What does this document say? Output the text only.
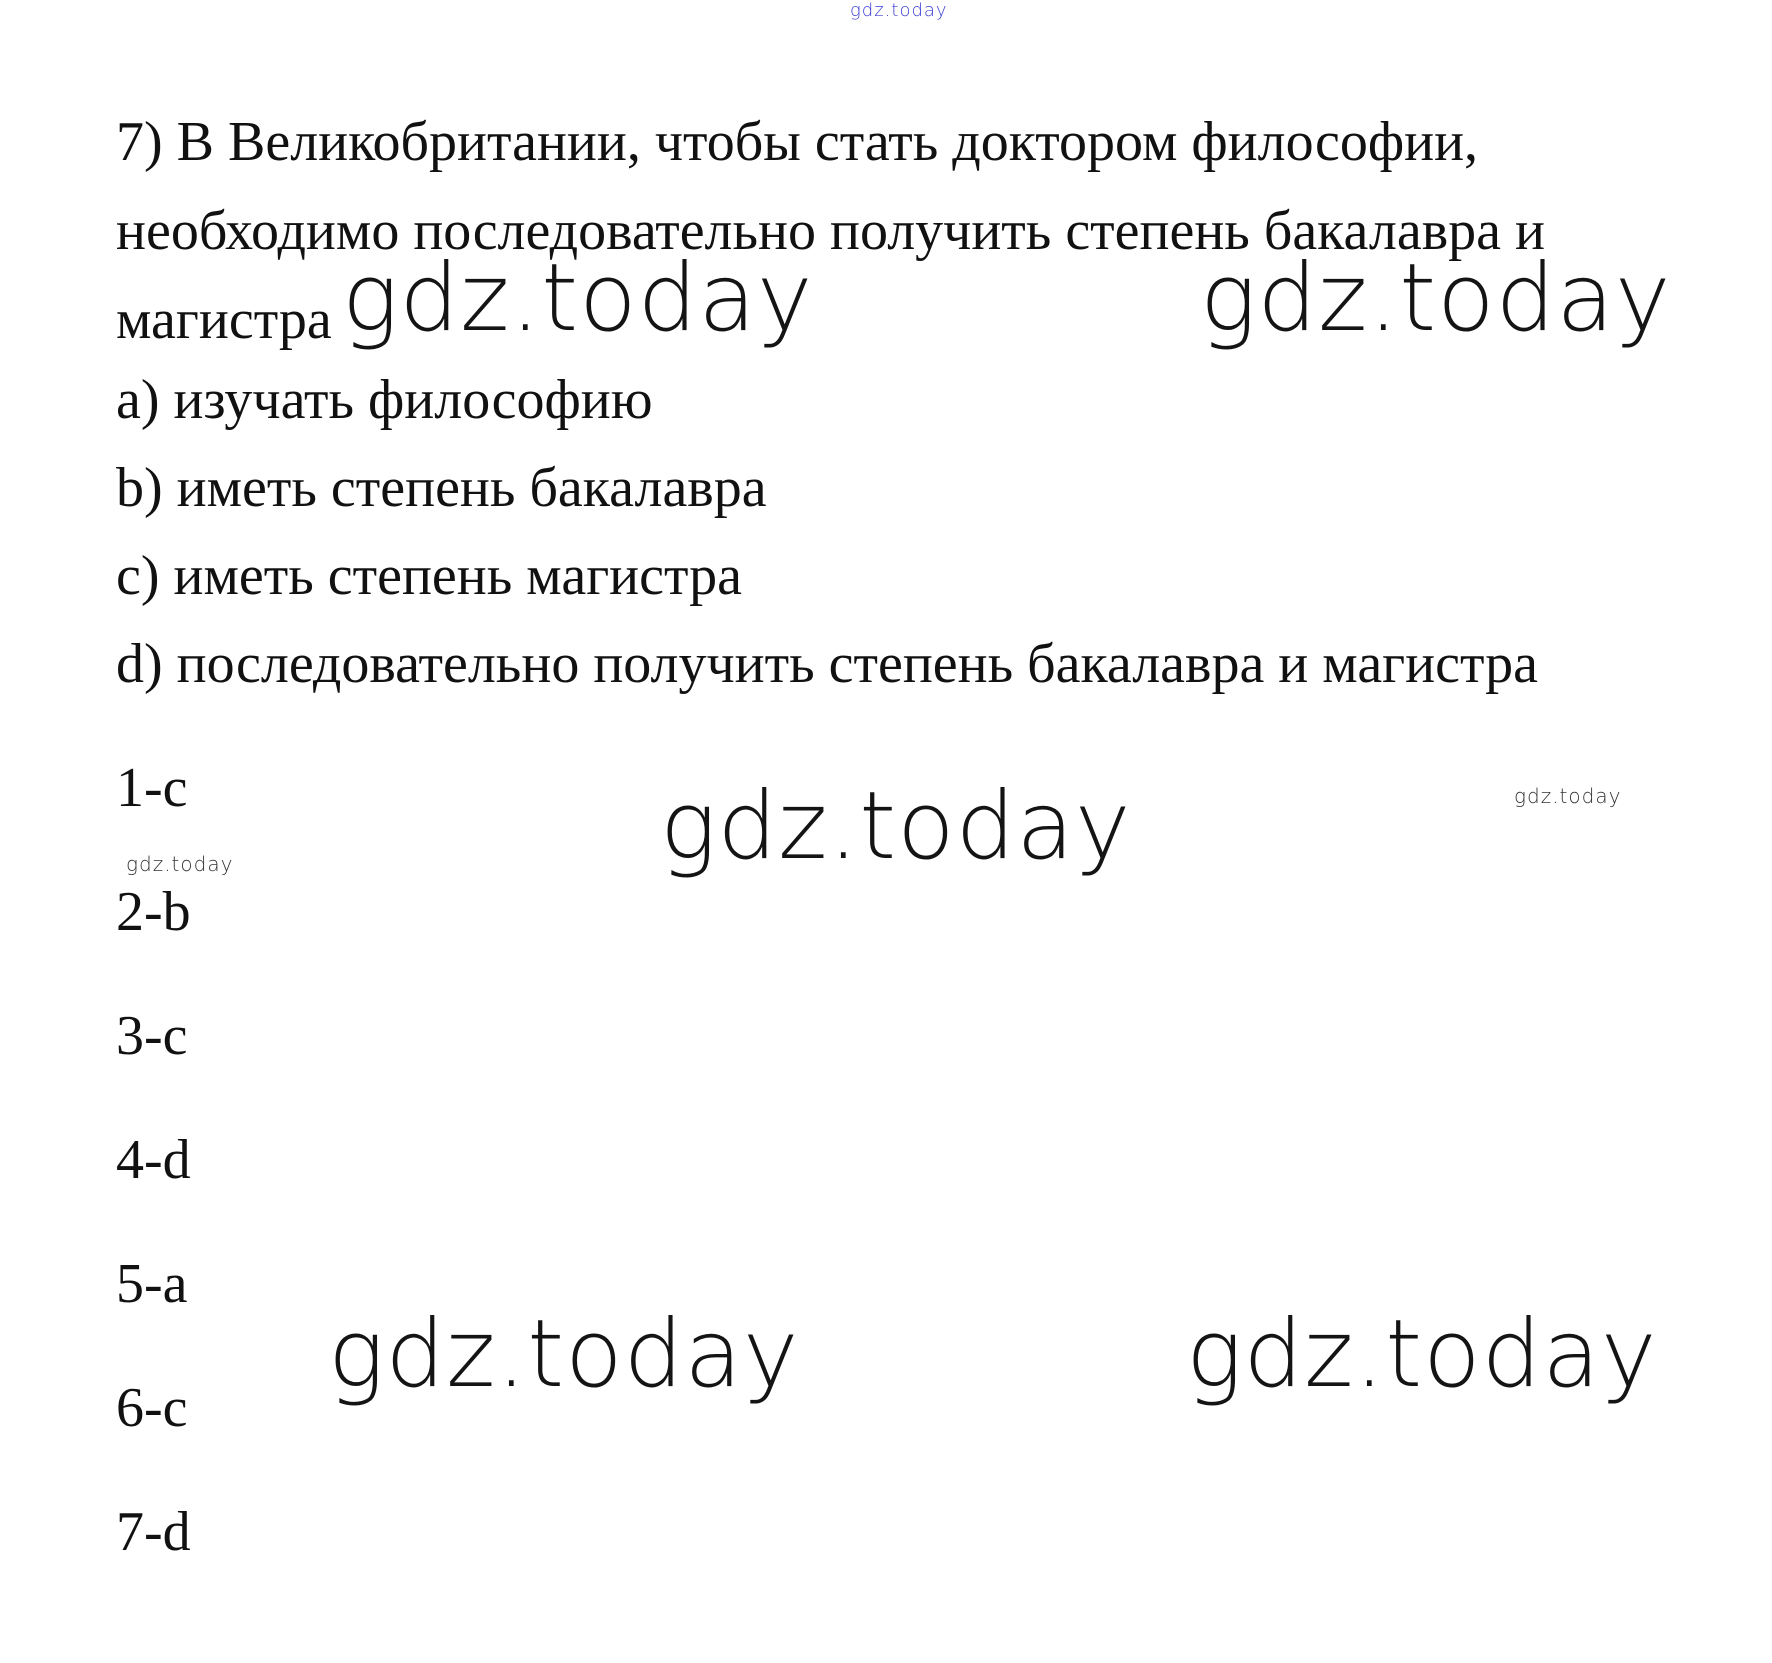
gdz.today
7) В Великобритании, чтобы стать доктором философии,
необходимо последовательно получить степень бакалавра и
магистра gdz.today	gdz.today

a) изучать философию

b) иметь степень бакалавра

c) иметь степень магистра

d) последовательно получить степень бакалавра и магистра

1-c	gdz.today	gdz.today
gdz.today

2-b

3-c

4-d

5-a

gdz.today	gdz.today

6-c

7-d
